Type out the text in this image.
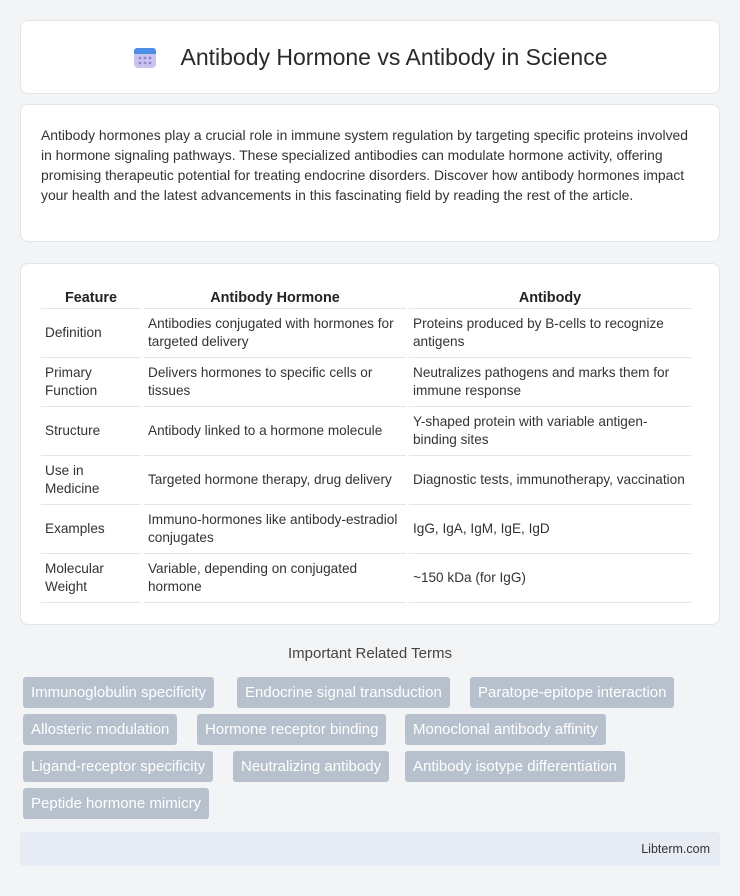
Antibody Hormone vs Antibody in Science

Antibody hormones play a crucial role in immune system regulation by targeting specific proteins involved in hormone signaling pathways. These specialized antibodies can modulate hormone activity, offering promising therapeutic potential for treating endocrine disorders. Discover how antibody hormones impact your health and the latest advancements in this fascinating field by reading the rest of the article.

Feature	Antibody Hormone	Antibody
Definition	Antibodies conjugated with hormones for targeted delivery	Proteins produced by B-cells to recognize antigens
Primary Function	Delivers hormones to specific cells or tissues	Neutralizes pathogens and marks them for immune response
Structure	Antibody linked to a hormone molecule	Y-shaped protein with variable antigen-binding sites
Use in Medicine	Targeted hormone therapy, drug delivery	Diagnostic tests, immunotherapy, vaccination
Examples	Immuno-hormones like antibody-estradiol conjugates	IgG, IgA, IgM, IgE, IgD
Molecular Weight	Variable, depending on conjugated hormone	~150 kDa (for IgG)
Important Related Terms
Immunoglobulin specificity	Endocrine signal transduction	Paratope-epitope interaction
Allosteric modulation	Hormone receptor binding	Monoclonal antibody affinity
Ligand-receptor specificity	Neutralizing antibody	Antibody isotype differentiation
Peptide hormone mimicry
Libterm.com
